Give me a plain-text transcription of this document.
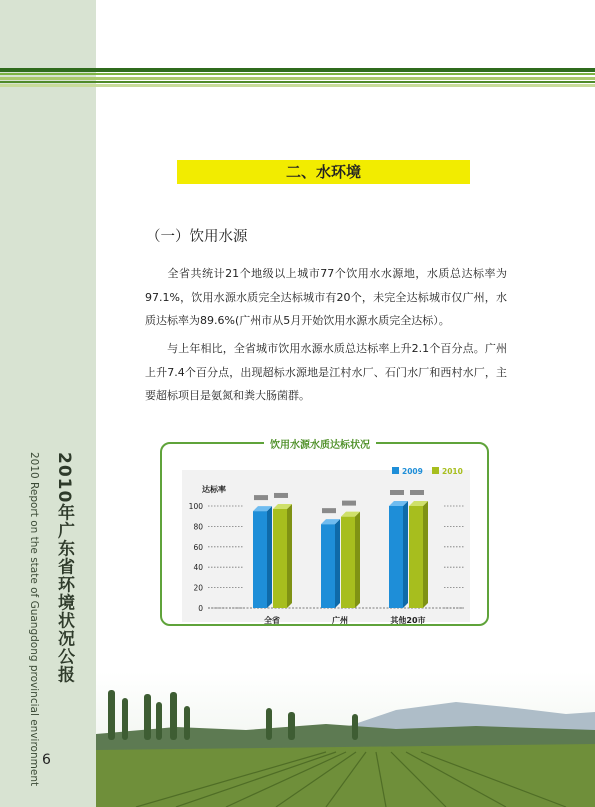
2010年广东省环境状况公报
2010 Report on the state of Guangdong provincial environment 6
二、水环境
（一）饮用水源
全省共统计21个地级以上城市77个饮用水水源地，水质总达标率为97.1%，饮用水源水质完全达标城市有20个，未完全达标城市仅广州，水质达标率为89.6%(广州市从5月开始饮用水源水质完全达标）。
与上年相比，全省城市饮用水源水质总达标率上升2.1个百分点。广州上升7.4个百分点，出现超标水源地是江村水厂、石门水厂和西村水厂，主要超标项目是氨氮和粪大肠菌群。
饮用水源水质达标状况
达标率
0
20
40
60
80
100
2009	2010
全省	广州	其他20市
